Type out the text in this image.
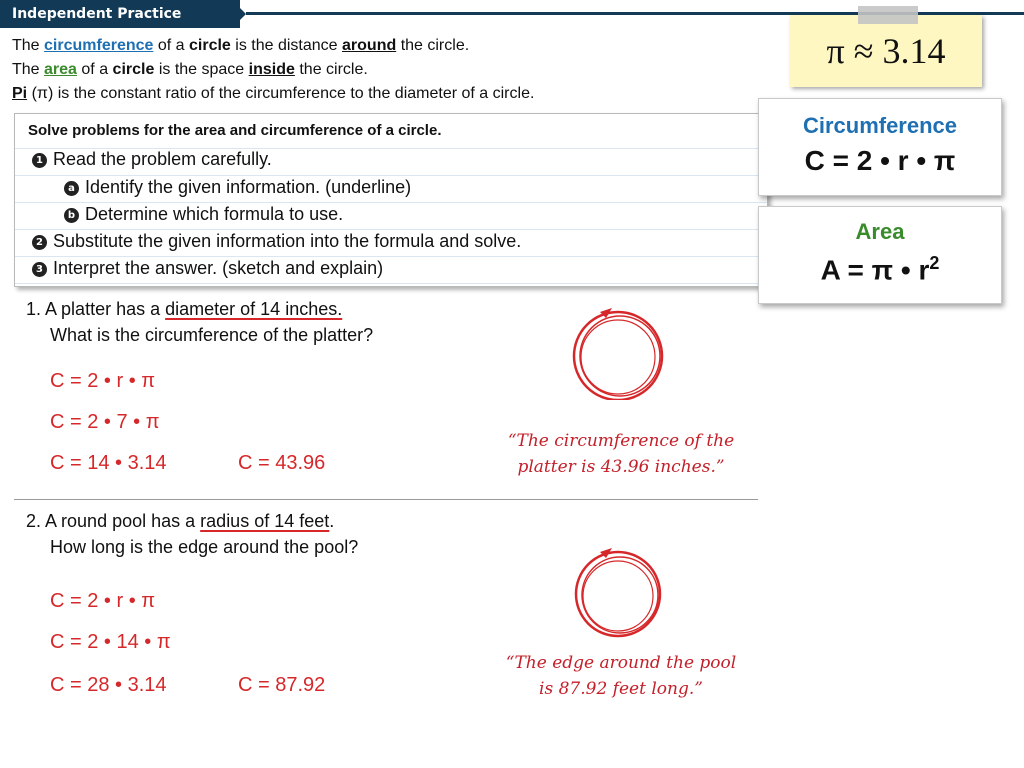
Independent Practice
The circumference of a circle is the distance around the circle.
The area of a circle is the space inside the circle.
Pi (π) is the constant ratio of the circumference to the diameter of a circle.
π ≈ 3.14
Solve problems for the area and circumference of a circle.
1 Read the problem carefully.
a Identify the given information. (underline)
b Determine which formula to use.
2 Substitute the given information into the formula and solve.
3 Interpret the answer. (sketch and explain)
Circumference
C = 2 • r • π
Area
A = π • $r^2$
1. A platter has a diameter of 14 inches.
What is the circumference of the platter?
C = 2 • r • π
C = 2 • 7 • π
C = 14 • 3.14	C = 43.96
“The circumference of the
platter is 43.96 inches.”
2. A round pool has a radius of 14 feet.
How long is the edge around the pool?
C = 2 • r • π
C = 2 • 14 • π
C = 28 • 3.14	C = 87.92
“The edge around the pool
is 87.92 feet long.”
